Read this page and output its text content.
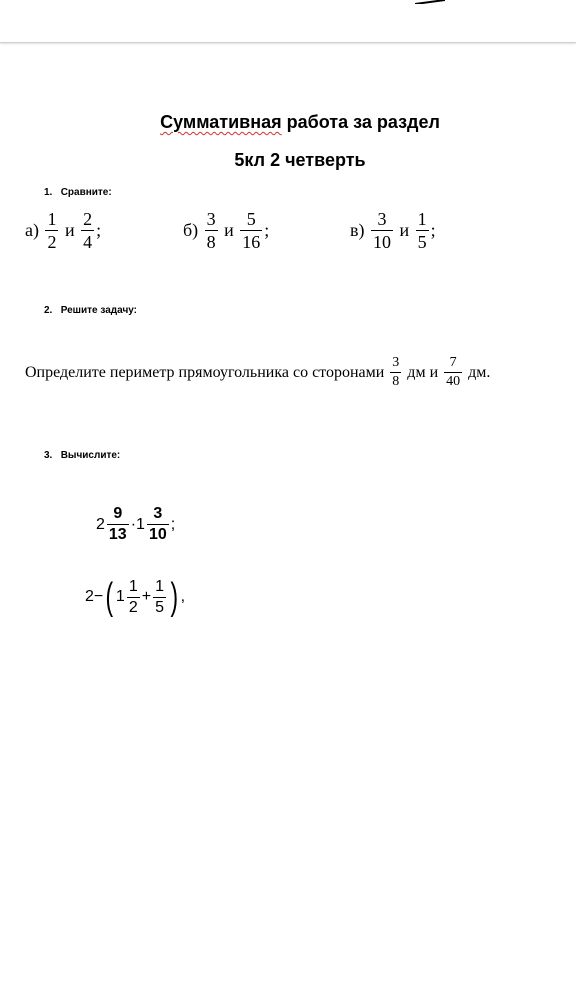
Суммативная работа за раздел
5кл 2 четверть
1. Сравните:
а)
$\frac{1}{2}$
и
$\frac{2}{4}$ ;	б)
$\frac{3}{8}$
и
$\frac{5}{16}$ ;	в)
$\frac{3}{10}$
и
$\frac{1}{5}$ ;
2. Решите задачу:
Определите периметр прямоугольника со сторонами
$\frac{3}{8}$
дм и
$\frac{7}{40}$
дм.
3. Вычислите:
$2 \frac{9}{13} \cdot 1 \frac{3}{10}$ ;
2− ( $1 \frac{1}{2} + \frac{1}{5}$ ) ,
